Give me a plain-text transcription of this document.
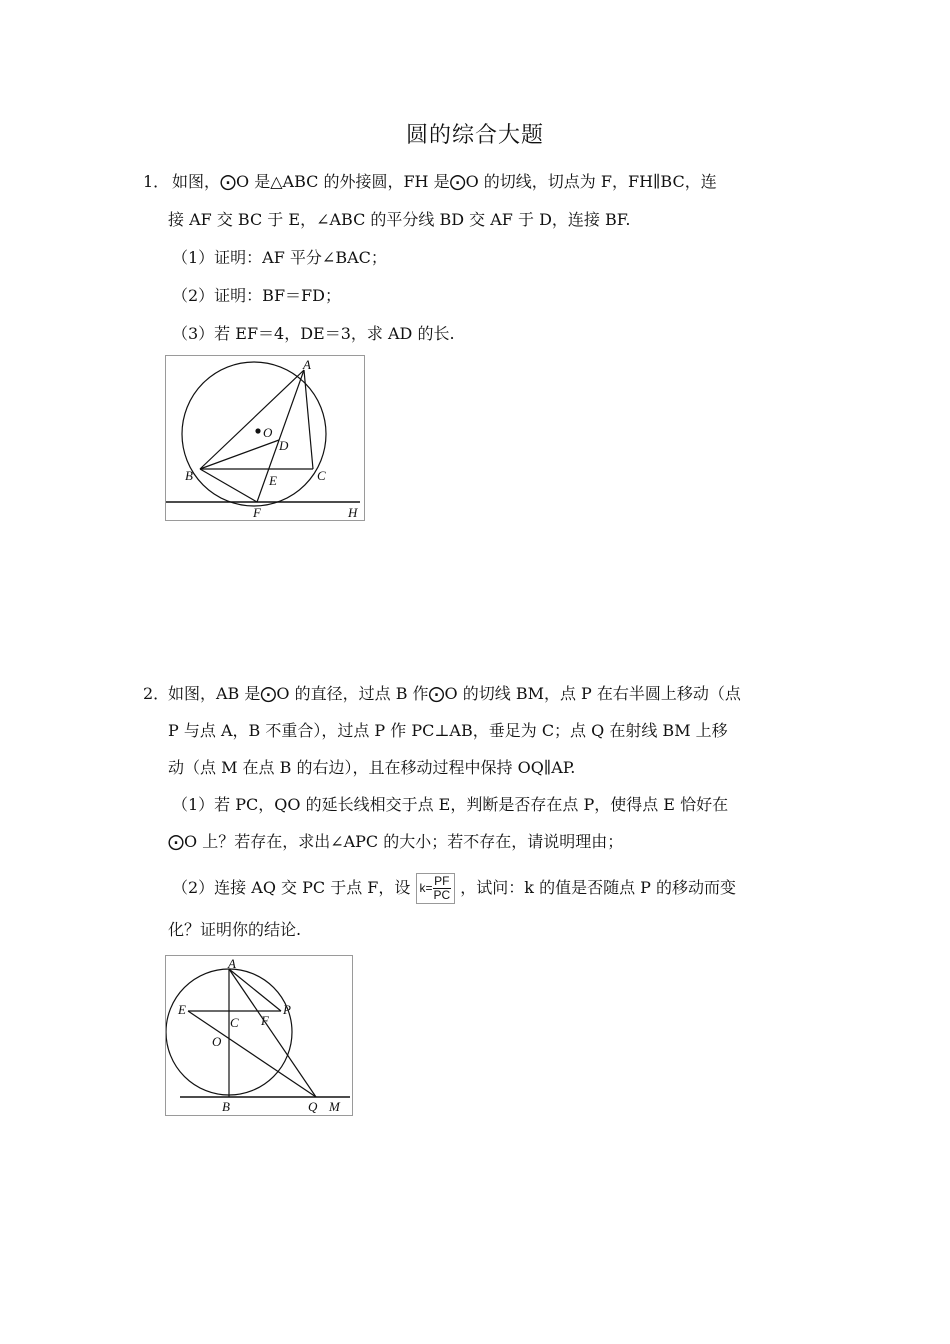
圆的综合大题
1． 如图，⨀O 是△ABC 的外接圆，FH 是⨀O 的切线，切点为 F，FH∥BC，连
接 AF 交 BC 于 E，∠ABC 的平分线 BD 交 AF 于 D，连接 BF.
（1）证明：AF 平分∠BAC；
（2）证明：BF＝FD；
（3）若 EF＝4，DE＝3，求 AD 的长.
A
O
D
B	C
E
F	H
2．
如图，AB 是⨀O 的直径，过点 B 作⨀O 的切线 BM，点 P 在右半圆上移动（点
P 与点 A，B 不重合），过点 P 作 PC⊥AB，垂足为 C；点 Q 在射线 BM 上移
动（点 M 在点 B 的右边），且在移动过程中保持 OQ∥AP.
（1）若 PC，QO 的延长线相交于点 E，判断是否存在点 P，使得点 E 恰好在
⨀O 上？若存在，求出∠APC 的大小；若不存在，请说明理由；
（2）连接 AQ 交 PC 于点 F，设 $k= \frac{PF}{PC}$ ，试问：k 的值是否随点 P 的移动而变
化？证明你的结论.
A
E
C F
P
O
B	Q M
